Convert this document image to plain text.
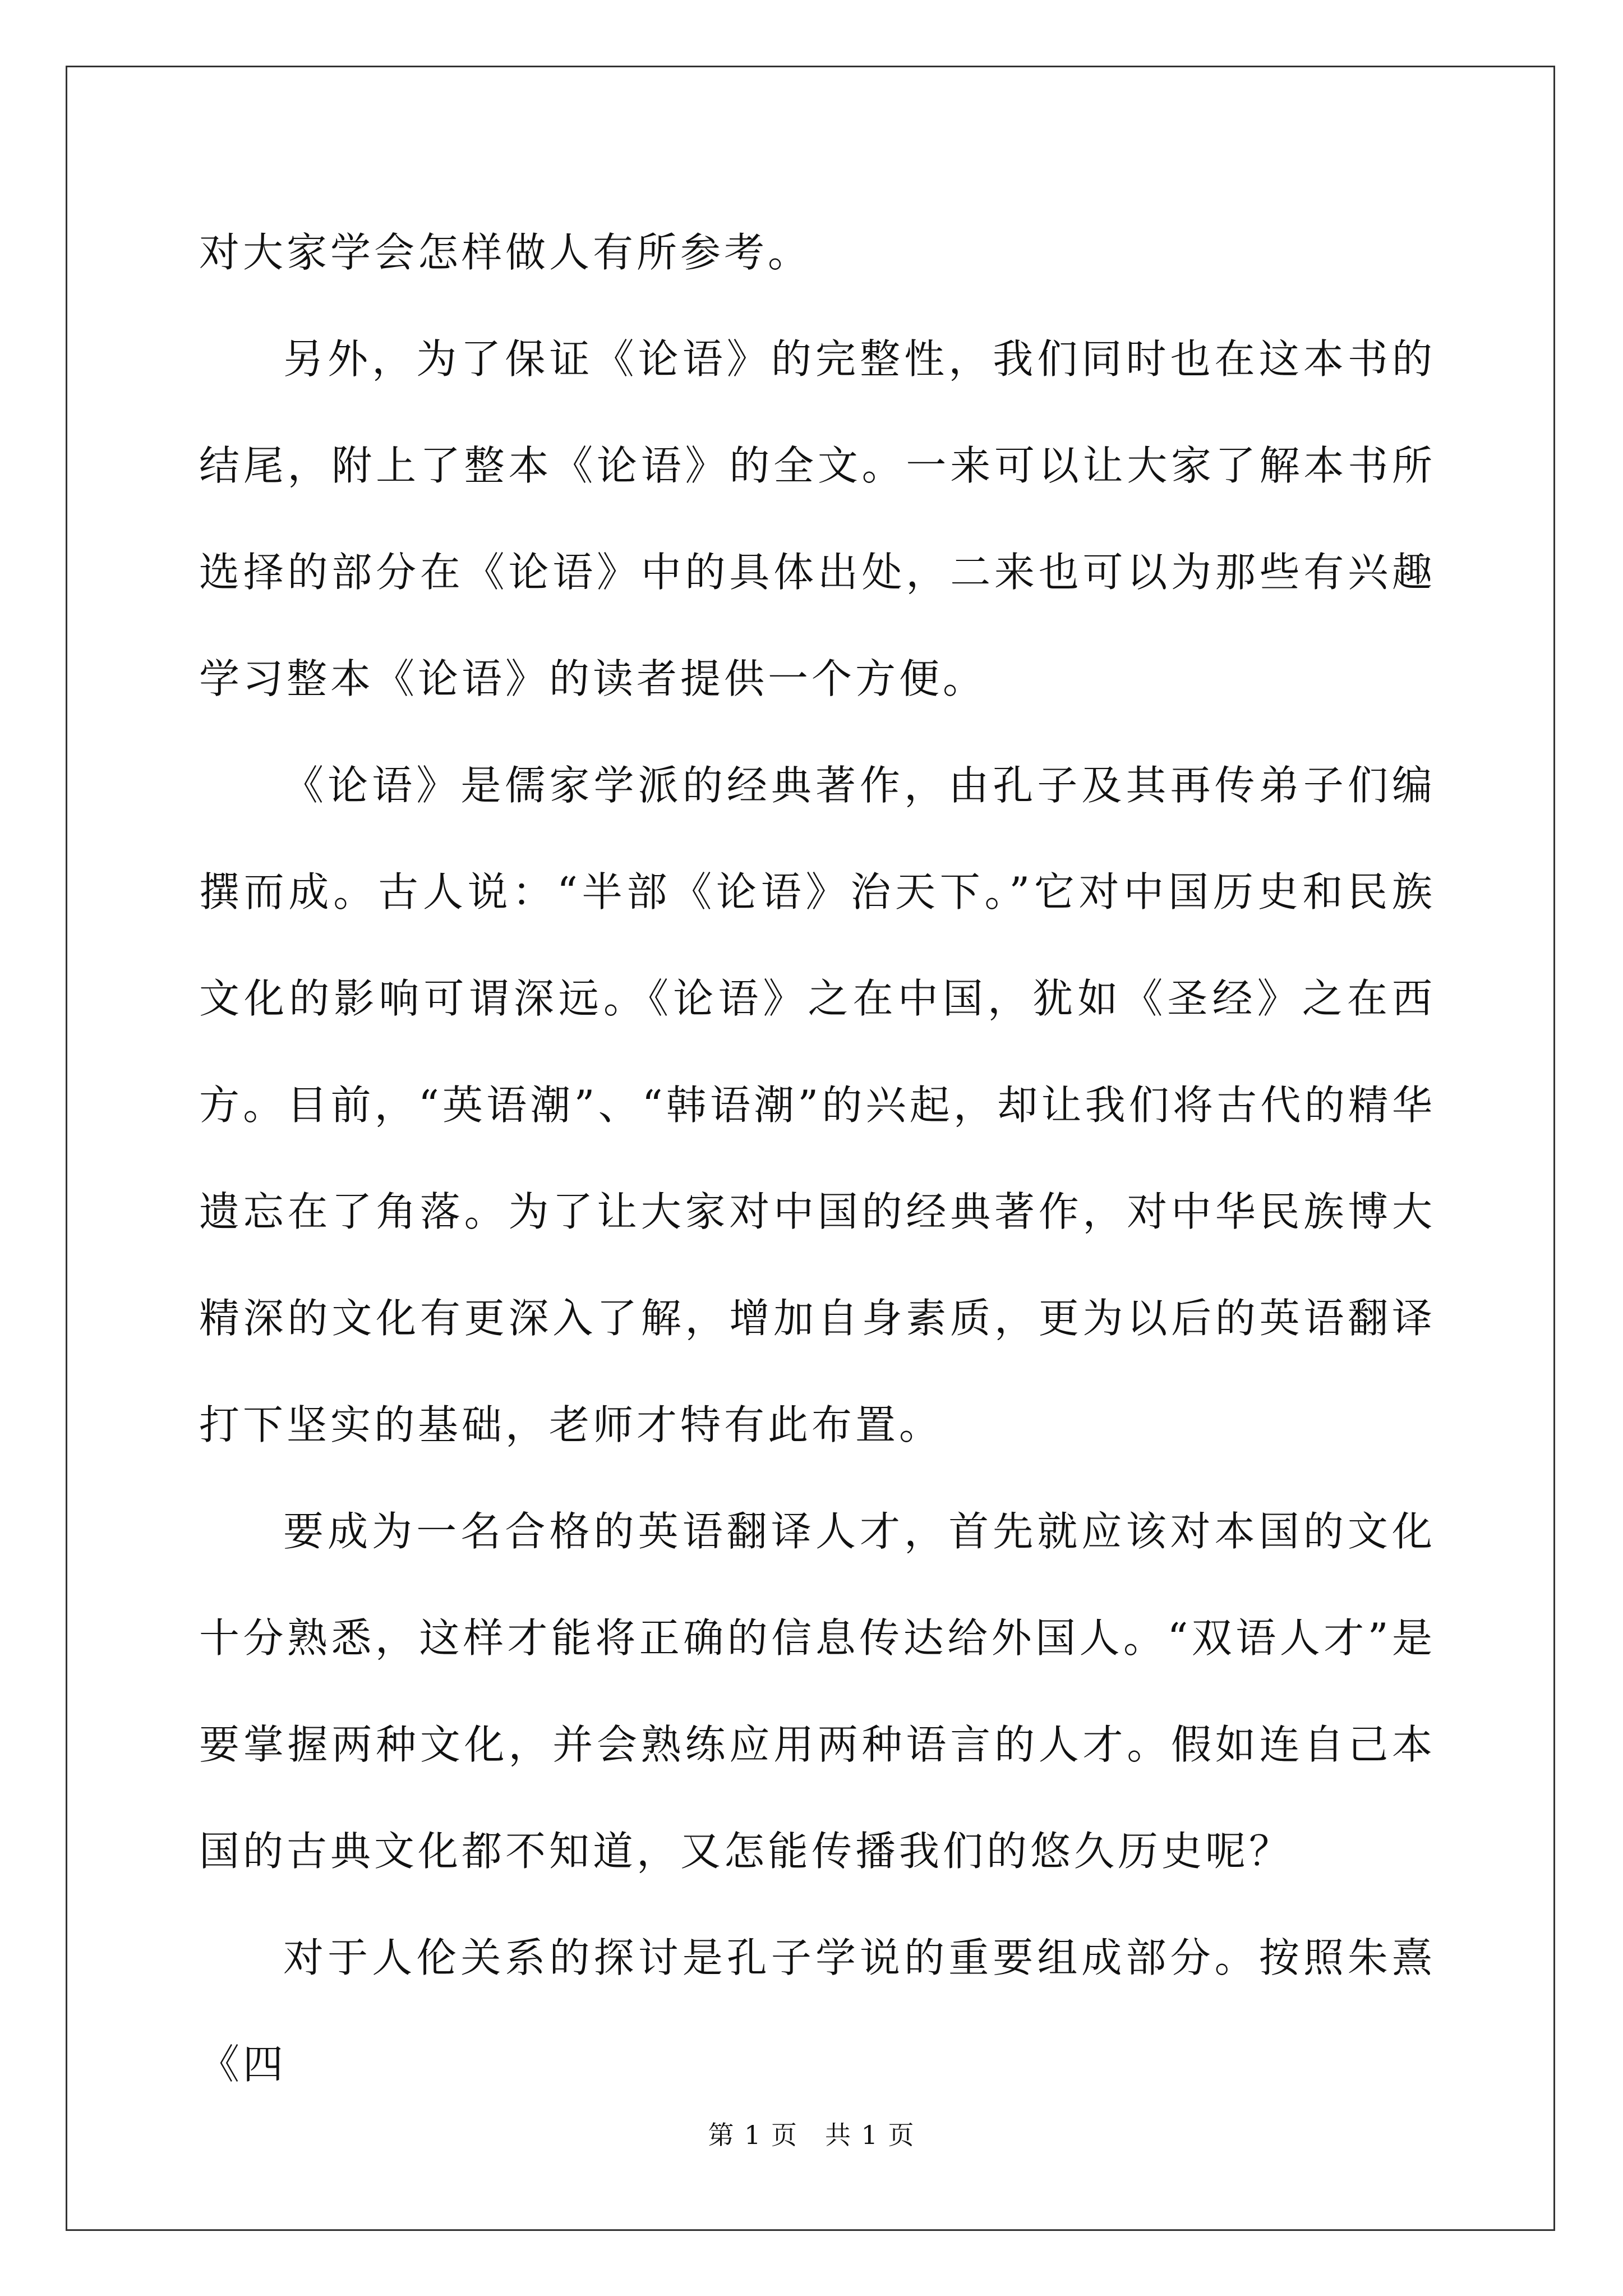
对大家学会怎样做人有所参考。

另外，为了保证《论语》的完整性，我们同时也在这本书的结尾，附上了整本《论语》的全文。一来可以让大家了解本书所选择的部分在《论语》中的具体出处，二来也可以为那些有兴趣学习整本《论语》的读者提供一个方便。

《论语》是儒家学派的经典著作，由孔子及其再传弟子们编撰而成。古人说：“半部《论语》治天下。”它对中国历史和民族文化的影响可谓深远。《论语》之在中国，犹如《圣经》之在西方。目前，“英语潮”、“韩语潮”的兴起，却让我们将古代的精华遗忘在了角落。为了让大家对中国的经典著作，对中华民族博大精深的文化有更深入了解，增加自身素质，更为以后的英语翻译打下坚实的基础，老师才特有此布置。

要成为一名合格的英语翻译人才，首先就应该对本国的文化十分熟悉，这样才能将正确的信息传达给外国人。“双语人才”是要掌握两种文化，并会熟练应用两种语言的人才。假如连自己本国的古典文化都不知道，又怎能传播我们的悠久历史呢？

对于人伦关系的探讨是孔子学说的重要组成部分。按照朱熹《四

第 1 页　共 1 页
